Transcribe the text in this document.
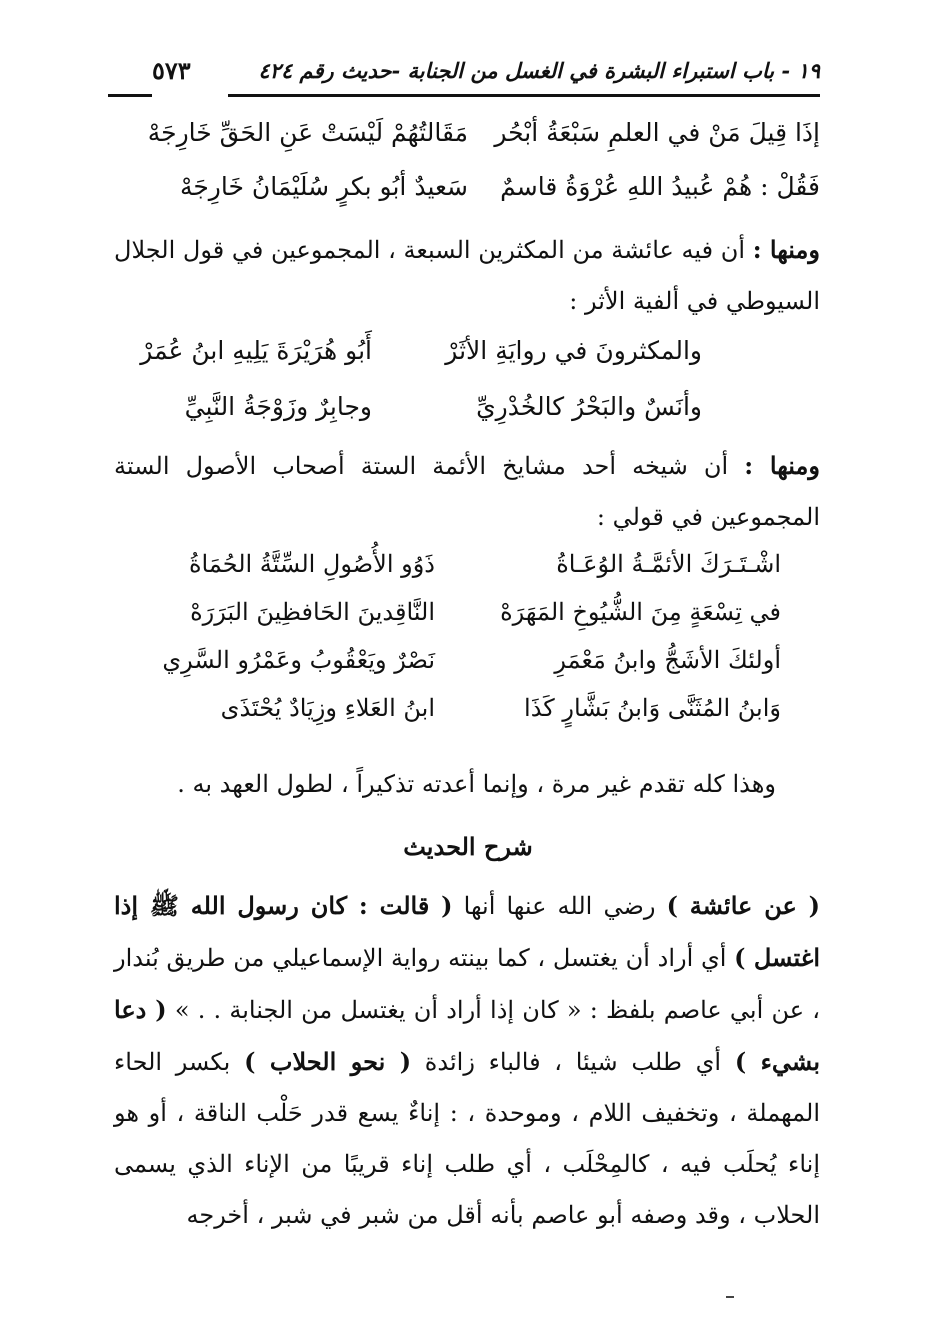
١٩ - باب استبراء البشرة في الغسل من الجنابة -حديث رقم ٤٢٤
٥٧٣
إذَا قِيلَ مَنْ في العلمِ سَبْعَةُ أبْحُر
مَقَالتُهُمْ لَيْسَتْ عَنِ الحَقِّ خَارِجَهْ
فَقُلْ : هُمْ عُبيدُ اللهِ عُرْوَةُ قاسمٌ
سَعيدٌ أبُو بكرٍ سُلَيْمَانُ خَارِجَهْ
ومنها : أن فيه عائشة من المكثرين السبعة ، المجموعين في قول الجلال السيوطي في ألفية الأثر :
والمكثرونَ في روايَةِ الأثَرْ
أَبُو هُرَيْرَةَ يَلِيهِ ابنُ عُمَرْ
وأنَسٌ والبَحْرُ كالخُدْرِيِّ
وجابِرٌ وزَوْجَةُ النَّبِيِّ
ومنها : أن شيخه أحد مشايخ الأئمة الستة أصحاب الأصول الستة المجموعين في قولي :
اشْـتَـرَكَ الأئمَّـةُ الوُعَـاةُ
ذَوُو الأُصُولِ السِّتَّةُ الحُمَاةُ
في تِسْعَةٍ مِنَ الشُّيُوخِ المَهَرَهْ
النَّاقِدينَ الحَافظِينَ البَرَرَهْ
أولئكَ الأشَجُّ وابنُ مَعْمَرِ
نَصْرٌ ويَعْقُوبُ وعَمْرُو السَّرِي
وَابنُ المُثَنَّى وَابنُ بَشَّارٍ كَذَا
ابنُ العَلاءِ وزِيَادٌ يُحْتَذَى
وهذا كله تقدم غير مرة ، وإنما أعدته تذكيراً ، لطول العهد به .
شرح الحديث
( عن عائشة ) رضي الله عنها أنها ( قالت : كان رسول الله ﷺ إذا اغتسل ) أي أراد أن يغتسل ، كما بينته رواية الإسماعيلي من طريق بُندار ، عن أبي عاصم بلفظ : « كان إذا أراد أن يغتسل من الجنابة . . » ( دعا بشيء ) أي طلب شيئا ، فالباء زائدة ( نحو الحلاب ) بكسر الحاء المهملة ، وتخفيف اللام ، وموحدة ، : إناءٌ يسع قدر حَلْب الناقة ، أو هو إناء يُحلَب فيه ، كالمِحْلَب ، أي طلب إناء قريبًا من الإناء الذي يسمى الحلاب ، وقد وصفه أبو عاصم بأنه أقل من شبر في شبر ، أخرجه
